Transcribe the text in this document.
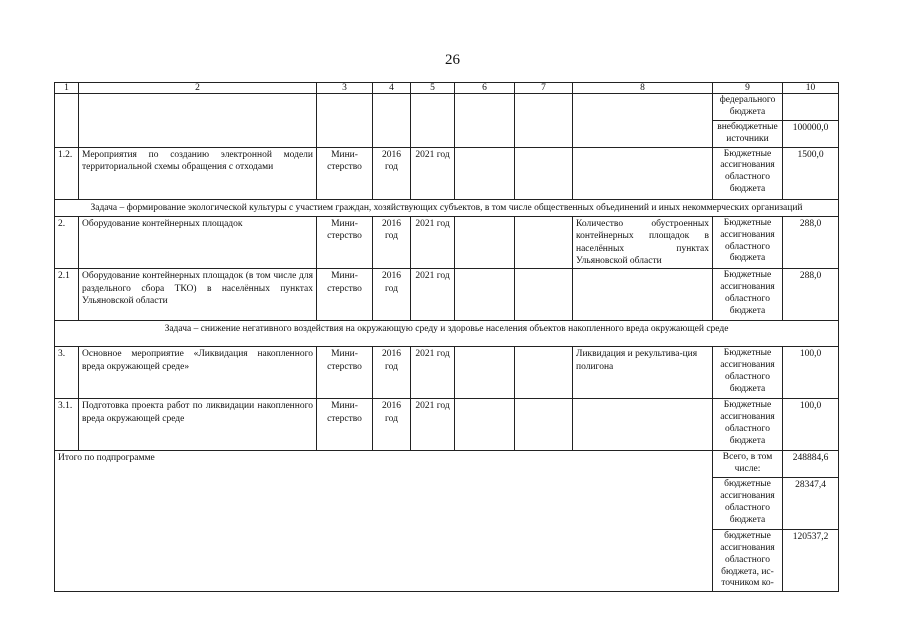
26
1	2	3	4	5	6	7	8	9	10
								федерального бюджета	
								внебюджетные источники	100000,0
1.2.	Мероприятия по созданию электронной модели территориальной схемы обращения с отходами	Мини-стерство	2016 год	2021 год				Бюджетные ассигнования областного бюджета	1500,0
Задача – формирование экологической культуры с участием граждан, хозяйствующих субъектов, в том числе общественных объединений и иных некоммерческих организаций									
2.	Оборудование контейнерных площадок	Мини-стерство	2016 год	2021 год			Количество обустроенных контейнерных площадок в населённых пунктах Ульяновской области	Бюджетные ассигнования областного бюджета	288,0
2.1	Оборудование контейнерных площадок (в том числе для раздельного сбора ТКО) в населённых пунктах Ульяновской области	Мини-стерство	2016 год	2021 год				Бюджетные ассигнования областного бюджета	288,0
Задача – снижение негативного воздействия на окружающую среду и здоровье населения объектов накопленного вреда окружающей среде									
3.	Основное мероприятие «Ликвидация накопленного вреда окружающей среде»	Мини-стерство	2016 год	2021 год			Ликвидация и рекультива-ция полигона	Бюджетные ассигнования областного бюджета	100,0
3.1.	Подготовка проекта работ по ликвидации накопленного вреда окружающей среде	Мини-стерство	2016 год	2021 год				Бюджетные ассигнования областного бюджета	100,0
Итого по подпрограмме								Всего, в том числе:	248884,6
								бюджетные ассигнования областного бюджета	28347,4
								бюджетные ассигнования областного бюджета, ис-точником ко-	120537,2
